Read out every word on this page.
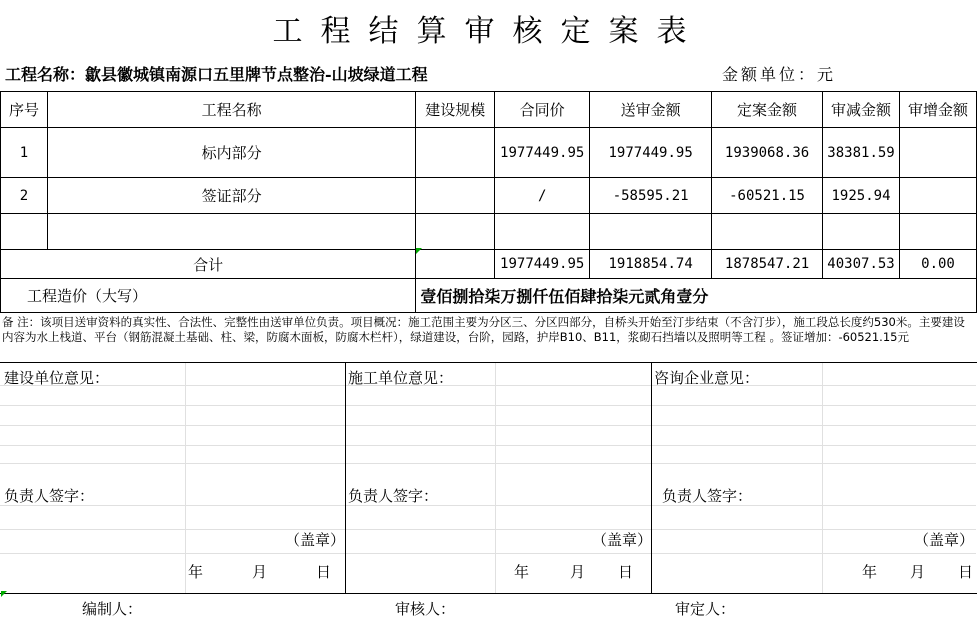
工程结算审核定案表
工程名称：歙县徽城镇南源口五里牌节点整治-山坡绿道工程	金额单位：元
序号	工程名称	建设规模	合同价	送审金额	定案金额	审减金额	审增金额
1	标内部分		1977449.95	1977449.95	1939068.36	38381.59	
2	签证部分		/	-58595.21	-60521.15	1925.94	

合计			1977449.95	1918854.74	1878547.21	40307.53	0.00
工程造价（大写）		壹佰捌拾柒万捌仟伍佰肆拾柒元贰角壹分					
备 注：该项目送审资料的真实性、合法性、完整性由送审单位负责。项目概况：施工范围主要为分区三、分区四部分，自桥头开始至汀步结束（不含汀步），施工段总长度约530米。主要建设内容为水上栈道、平台（钢筋混凝土基础、柱、梁，防腐木面板，防腐木栏杆），绿道建设，台阶，园路，护岸B10、B11，浆砌石挡墙以及照明等工程 。签证增加：-60521.15元
建设单位意见：
负责人签字：
（盖章）
年	月	日
施工单位意见：
负责人签字：
（盖章）
年	月 日
咨询企业意见：
负责人签字：
（盖章）
年 月 日
编制人：	审核人：	审定人：
